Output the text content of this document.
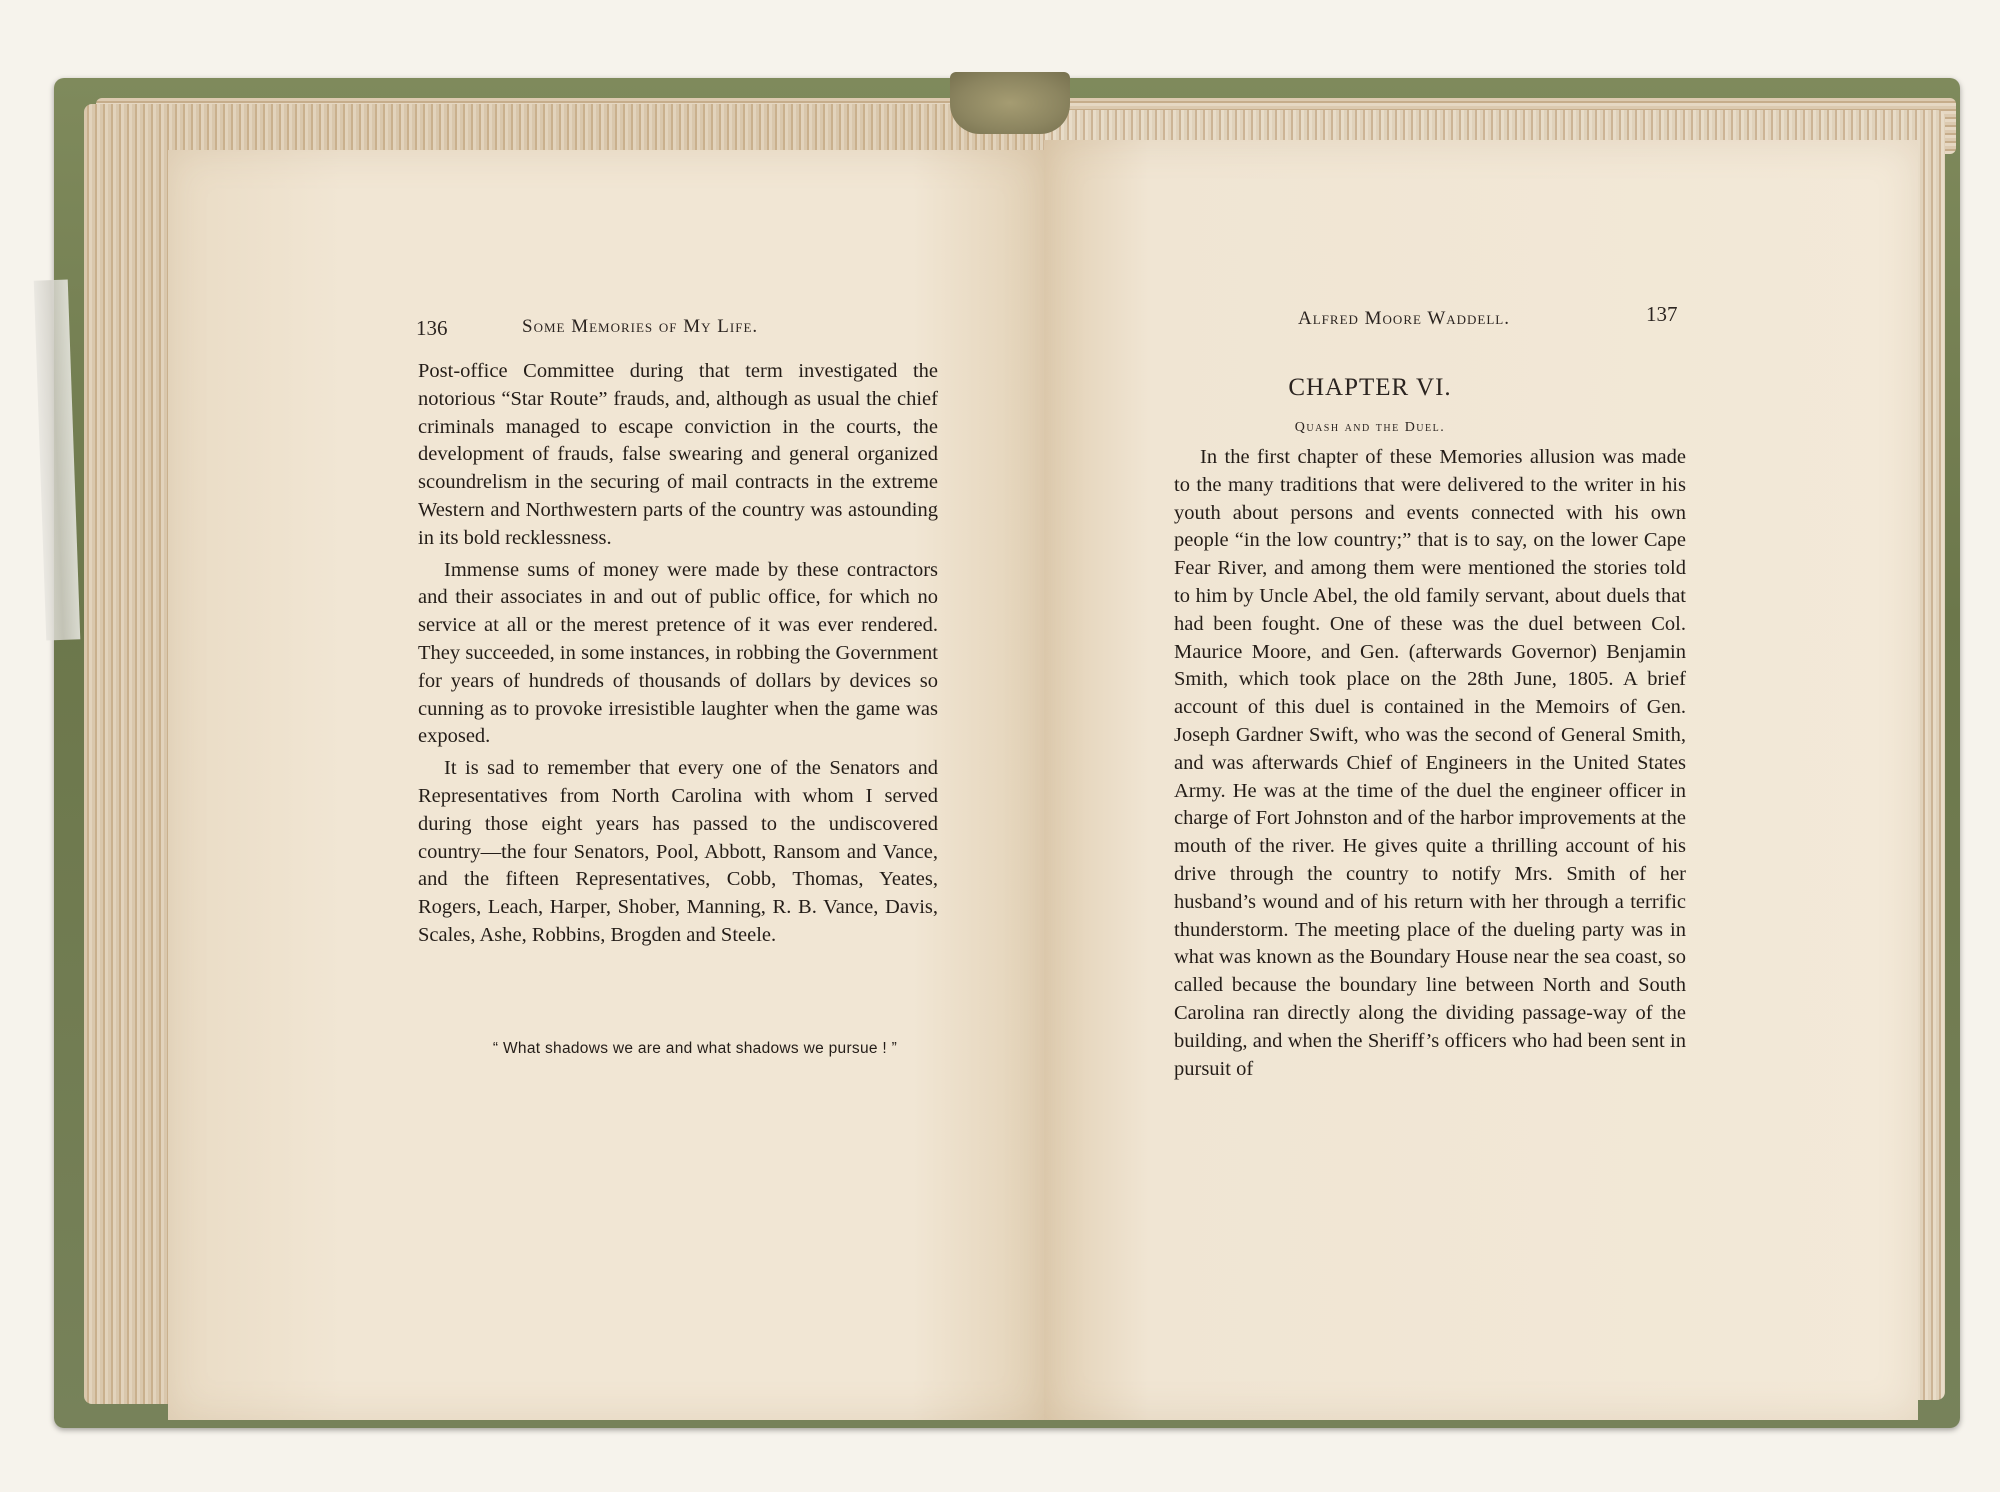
136	Some Memories of My Life.

Post-office Committee during that term investigated the notorious “Star Route” frauds, and, although as usual the chief criminals managed to escape conviction in the courts, the development of frauds, false swearing and general organized scoundrelism in the securing of mail contracts in the extreme Western and Northwestern parts of the country was astounding in its bold recklessness.

Immense sums of money were made by these contractors and their associates in and out of public office, for which no service at all or the merest pretence of it was ever rendered. They succeeded, in some instances, in robbing the Government for years of hundreds of thousands of dollars by devices so cunning as to provoke irresistible laughter when the game was exposed.

It is sad to remember that every one of the Senators and Representatives from North Carolina with whom I served during those eight years has passed to the undiscovered country—the four Senators, Pool, Abbott, Ransom and Vance, and the fifteen Representatives, Cobb, Thomas, Yeates, Rogers, Leach, Harper, Shober, Manning, R. B. Vance, Davis, Scales, Ashe, Robbins, Brogden and Steele.

“ What shadows we are and what shadows we pursue ! ”
Alfred Moore Waddell.	137
CHAPTER VI.
Quash and the Duel.

In the first chapter of these Memories allusion was made to the many traditions that were delivered to the writer in his youth about persons and events connected with his own people “in the low country;” that is to say, on the lower Cape Fear River, and among them were mentioned the stories told to him by Uncle Abel, the old family servant, about duels that had been fought. One of these was the duel between Col. Maurice Moore, and Gen. (afterwards Governor) Benjamin Smith, which took place on the 28th June, 1805. A brief account of this duel is contained in the Memoirs of Gen. Joseph Gardner Swift, who was the second of General Smith, and was afterwards Chief of Engineers in the United States Army. He was at the time of the duel the engineer officer in charge of Fort Johnston and of the harbor improvements at the mouth of the river. He gives quite a thrilling account of his drive through the country to notify Mrs. Smith of her husband’s wound and of his return with her through a terrific thunderstorm. The meeting place of the dueling party was in what was known as the Boundary House near the sea coast, so called because the boundary line between North and South Carolina ran directly along the dividing passage-way of the building, and when the Sheriff’s officers who had been sent in pursuit of
